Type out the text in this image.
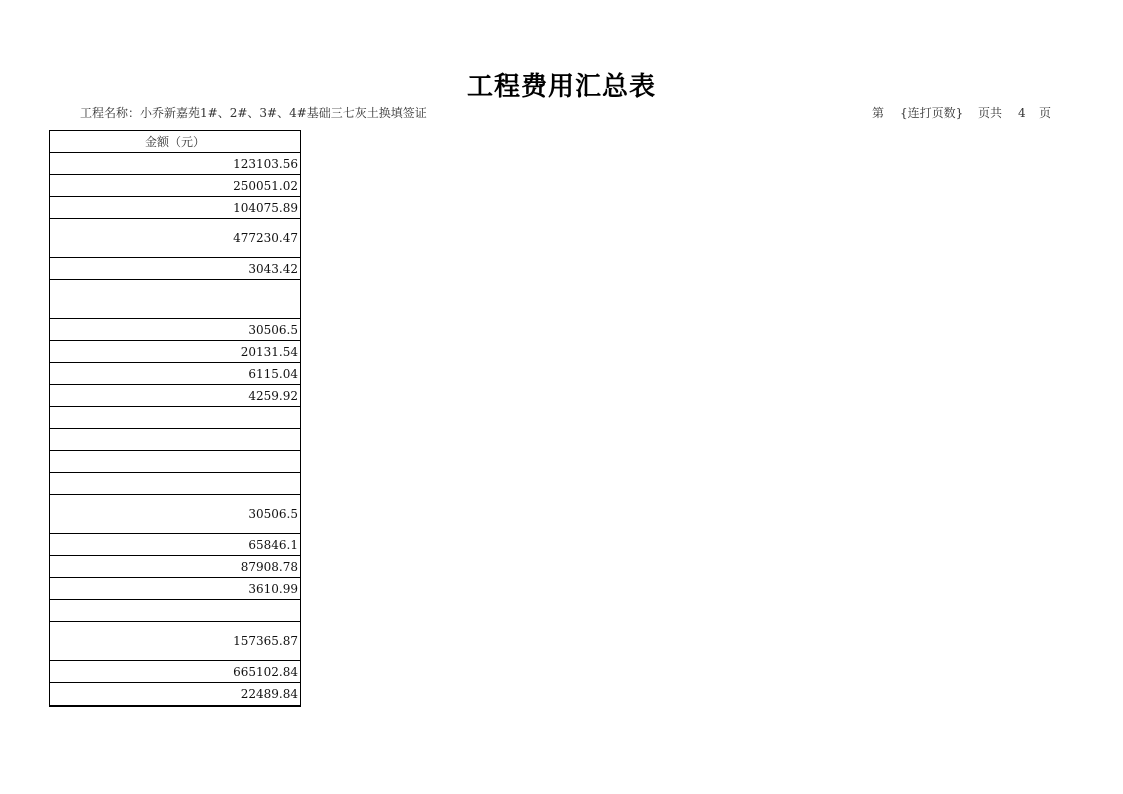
工程费用汇总表
工程名称：小乔新嘉苑1#、2#、3#、4#基础三七灰土换填签证	第 {连打页数} 页共 4 页
金额（元）
123103.56
250051.02
104075.89
477230.47
3043.42
30506.5
20131.54
6115.04
4259.92
30506.5
65846.1
87908.78
3610.99
157365.87
665102.84
22489.84
